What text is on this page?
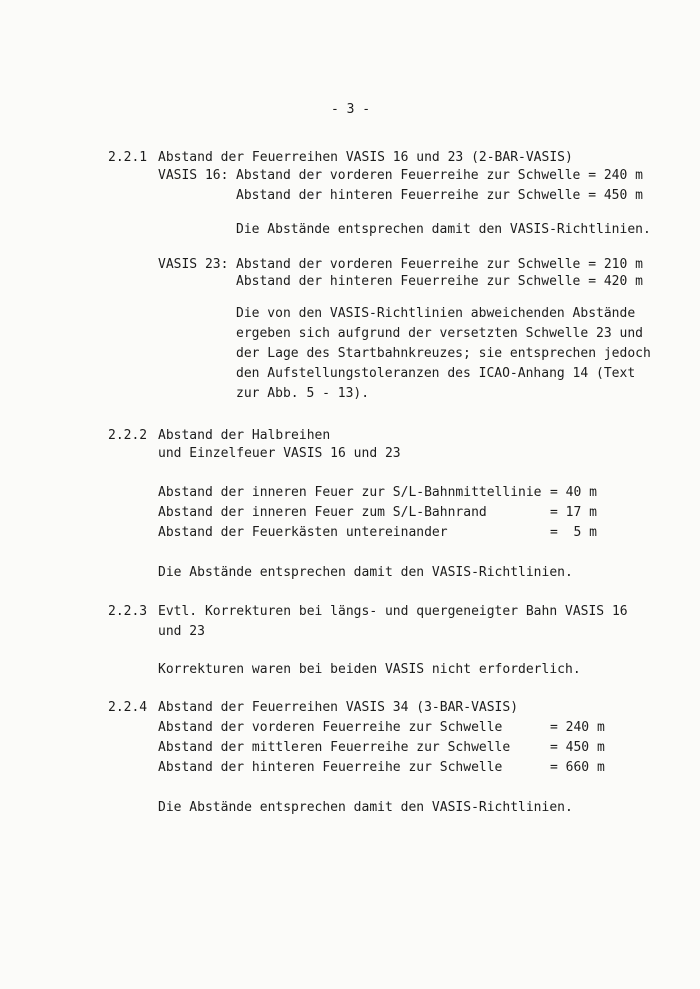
- 3 -
2.2.1 Abstand der Feuerreihen VASIS 16 und 23 (2-BAR-VASIS)
VASIS 16: Abstand der vorderen Feuerreihe zur Schwelle = 240 m
Abstand der hinteren Feuerreihe zur Schwelle = 450 m
Die Abstände entsprechen damit den VASIS-Richtlinien.
VASIS 23: Abstand der vorderen Feuerreihe zur Schwelle = 210 m
Abstand der hinteren Feuerreihe zur Schwelle = 420 m
Die von den VASIS-Richtlinien abweichenden Abstände
ergeben sich aufgrund der versetzten Schwelle 23 und
der Lage des Startbahnkreuzes; sie entsprechen jedoch
den Aufstellungstoleranzen des ICAO-Anhang 14 (Text
zur Abb. 5 - 13).
2.2.2 Abstand der Halbreihen
und Einzelfeuer VASIS 16 und 23
Abstand der inneren Feuer zur S/L-Bahnmittellinie = 40 m
Abstand der inneren Feuer zum S/L-Bahnrand	= 17 m
Abstand der Feuerkästen untereinander	=  5 m
Die Abstände entsprechen damit den VASIS-Richtlinien.
2.2.3 Evtl. Korrekturen bei längs- und quergeneigter Bahn VASIS 16
und 23
Korrekturen waren bei beiden VASIS nicht erforderlich.
2.2.4 Abstand der Feuerreihen VASIS 34 (3-BAR-VASIS)
Abstand der vorderen Feuerreihe zur Schwelle	= 240 m
Abstand der mittleren Feuerreihe zur Schwelle	= 450 m
Abstand der hinteren Feuerreihe zur Schwelle	= 660 m
Die Abstände entsprechen damit den VASIS-Richtlinien.
